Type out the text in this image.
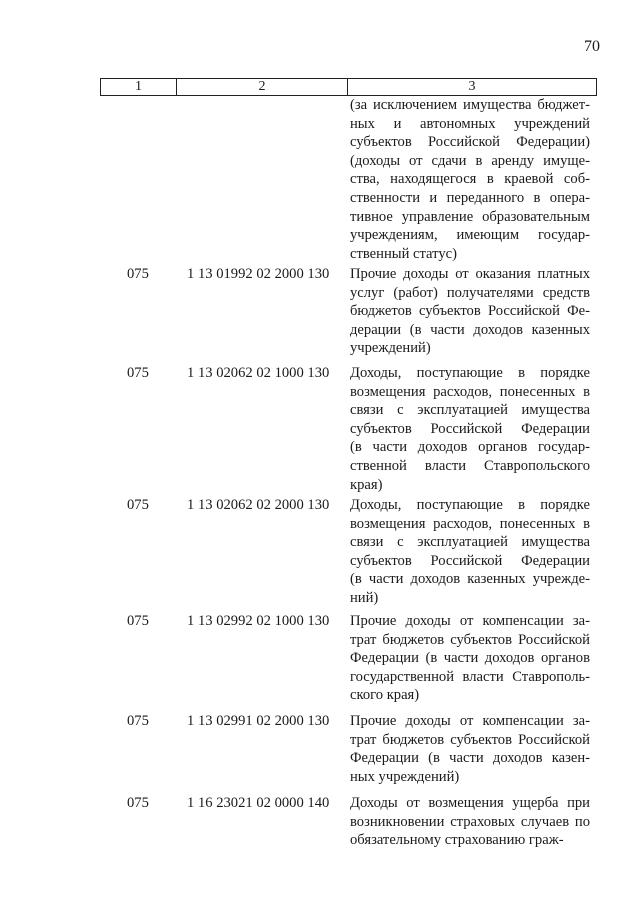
70
1	2	3
(за исключением имущества бюджет-
ных и автономных учреждений
субъектов Российской Федерации)
(доходы от сдачи в аренду имуще-
ства, находящегося в краевой соб-
ственности и переданного в опера-
тивное управление образовательным
учреждениям, имеющим государ-
ственный статус)
075	1 13 01992 02 2000 130	Прочие доходы от оказания платных
услуг (работ) получателями средств
бюджетов субъектов Российской Фе-
дерации (в части доходов казенных
учреждений)
075	1 13 02062 02 1000 130	Доходы, поступающие в порядке
возмещения расходов, понесенных в
связи с эксплуатацией имущества
субъектов Российской Федерации
(в части доходов органов государ-
ственной власти Ставропольского
края)
075	1 13 02062 02 2000 130	Доходы, поступающие в порядке
возмещения расходов, понесенных в
связи с эксплуатацией имущества
субъектов Российской Федерации
(в части доходов казенных учрежде-
ний)
075	1 13 02992 02 1000 130	Прочие доходы от компенсации за-
трат бюджетов субъектов Российской
Федерации (в части доходов органов
государственной власти Ставрополь-
ского края)
075	1 13 02991 02 2000 130	Прочие доходы от компенсации за-
трат бюджетов субъектов Российской
Федерации (в части доходов казен-
ных учреждений)
075	1 16 23021 02 0000 140	Доходы от возмещения ущерба при
возникновении страховых случаев по
обязательному страхованию граж-
